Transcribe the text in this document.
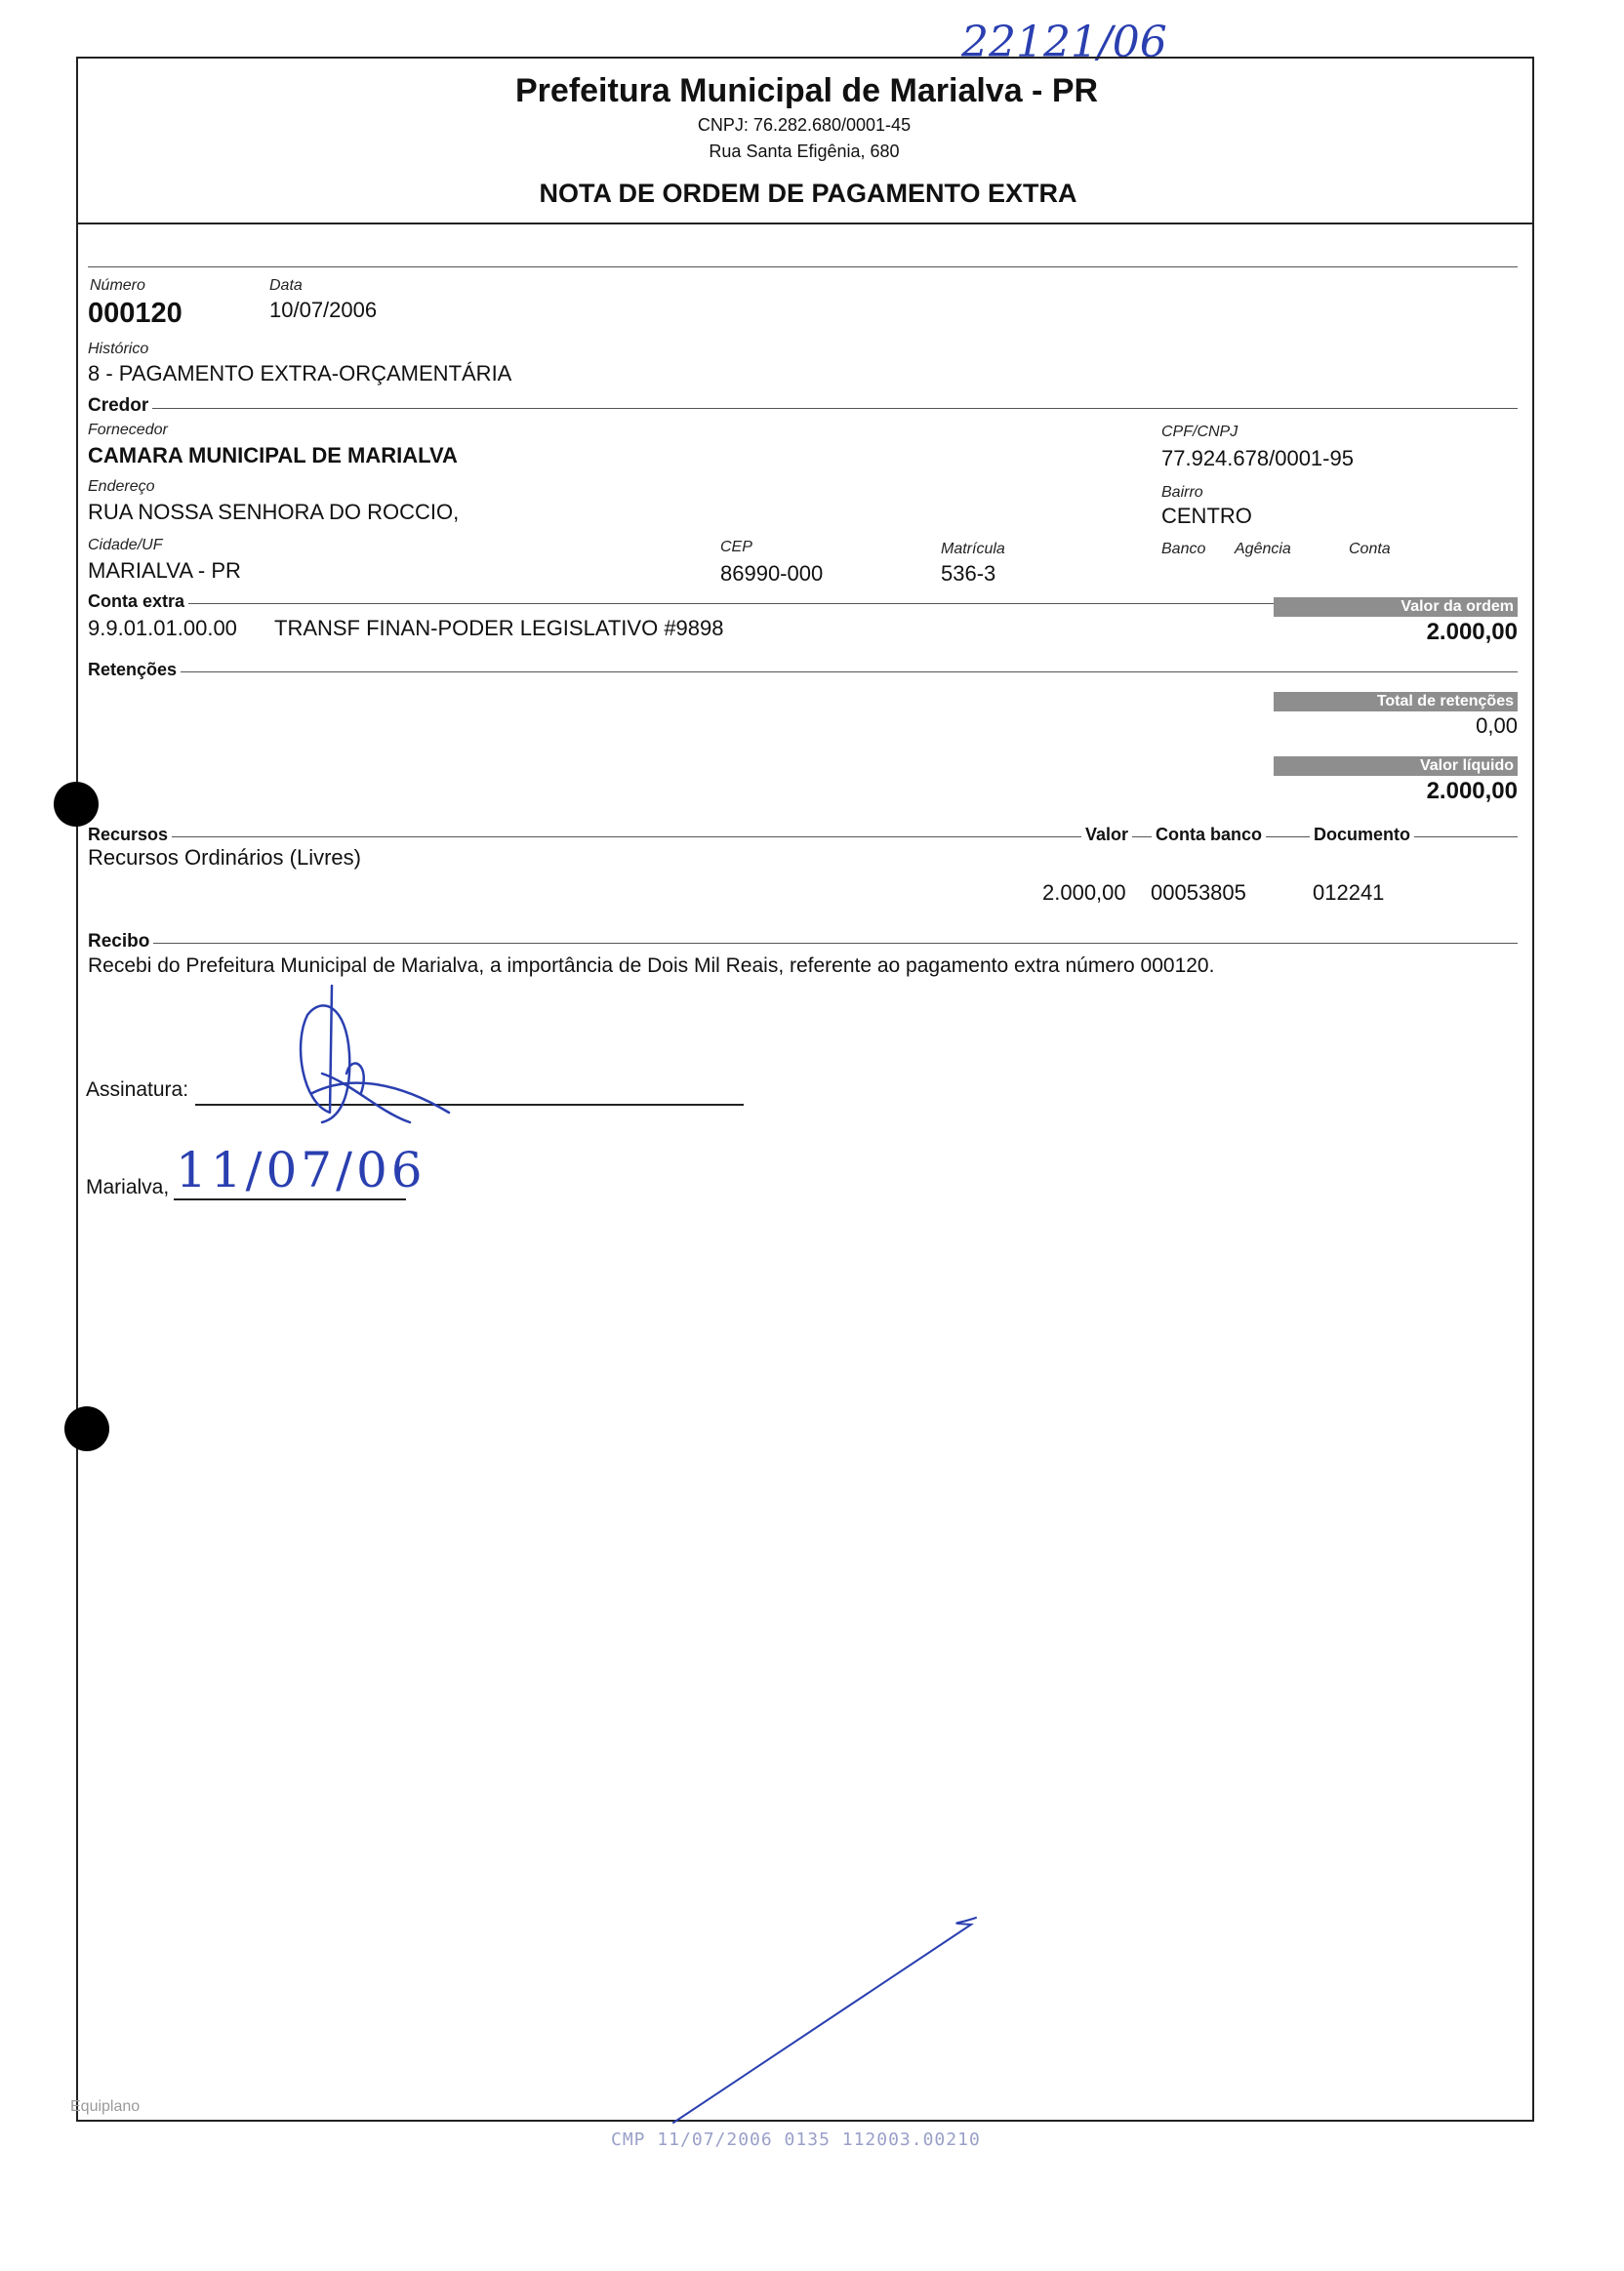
22121/06
Prefeitura Municipal de Marialva - PR
CNPJ: 76.282.680/0001-45
Rua Santa Efigênia, 680
NOTA DE ORDEM DE PAGAMENTO EXTRA
Número	Data
000120	10/07/2006
Histórico
8 - PAGAMENTO EXTRA-ORÇAMENTÁRIA
Credor
Fornecedor	CPF/CNPJ
CAMARA MUNICIPAL DE MARIALVA	77.924.678/0001-95
Endereço	Bairro
RUA NOSSA SENHORA DO ROCCIO,	CENTRO
Cidade/UF	CEP	Matrícula	Banco Agência	Conta
MARIALVA - PR	86990-000	536-3
Conta extra	Valor da ordem
9.9.01.01.00.00 TRANSF FINAN-PODER LEGISLATIVO #9898	2.000,00
Retenções
Total de retenções
0,00
Valor líquido
2.000,00
Recursos	Valor Conta banco	Documento
Recursos Ordinários (Livres)
2.000,00 00053805	012241
Recibo
Recebi do Prefeitura Municipal de Marialva, a importância de Dois Mil Reais, referente ao pagamento extra número 000120.
Assinatura:
Marialva, 11/07/06
Equiplano
CMP 11/07/2006 0135 112003.00210
